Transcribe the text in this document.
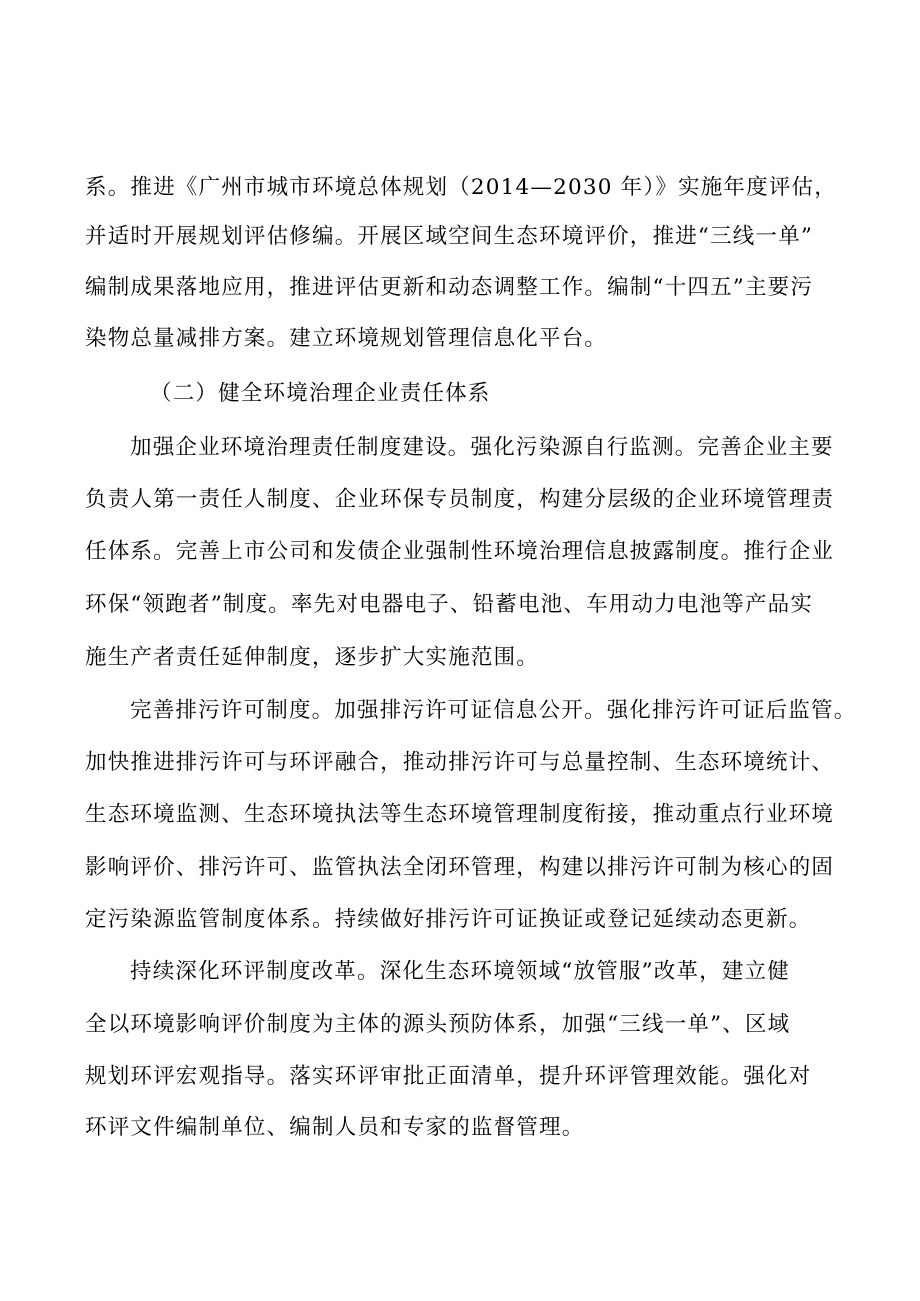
系。推进《广州市城市环境总体规划（2014—2030 年）》实施年度评估，
并适时开展规划评估修编。开展区域空间生态环境评价，推进“三线一单”
编制成果落地应用，推进评估更新和动态调整工作。编制“十四五”主要污
染物总量减排方案。建立环境规划管理信息化平台。
（二）健全环境治理企业责任体系
加强企业环境治理责任制度建设。强化污染源自行监测。完善企业主要
负责人第一责任人制度、企业环保专员制度，构建分层级的企业环境管理责
任体系。完善上市公司和发债企业强制性环境治理信息披露制度。推行企业
环保“领跑者”制度。率先对电器电子、铅蓄电池、车用动力电池等产品实
施生产者责任延伸制度，逐步扩大实施范围。
完善排污许可制度。加强排污许可证信息公开。强化排污许可证后监管。
加快推进排污许可与环评融合，推动排污许可与总量控制、生态环境统计、
生态环境监测、生态环境执法等生态环境管理制度衔接，推动重点行业环境
影响评价、排污许可、监管执法全闭环管理，构建以排污许可制为核心的固
定污染源监管制度体系。持续做好排污许可证换证或登记延续动态更新。
持续深化环评制度改革。深化生态环境领域“放管服”改革，建立健
全以环境影响评价制度为主体的源头预防体系，加强“三线一单”、区域
规划环评宏观指导。落实环评审批正面清单，提升环评管理效能。强化对
环评文件编制单位、编制人员和专家的监督管理。
